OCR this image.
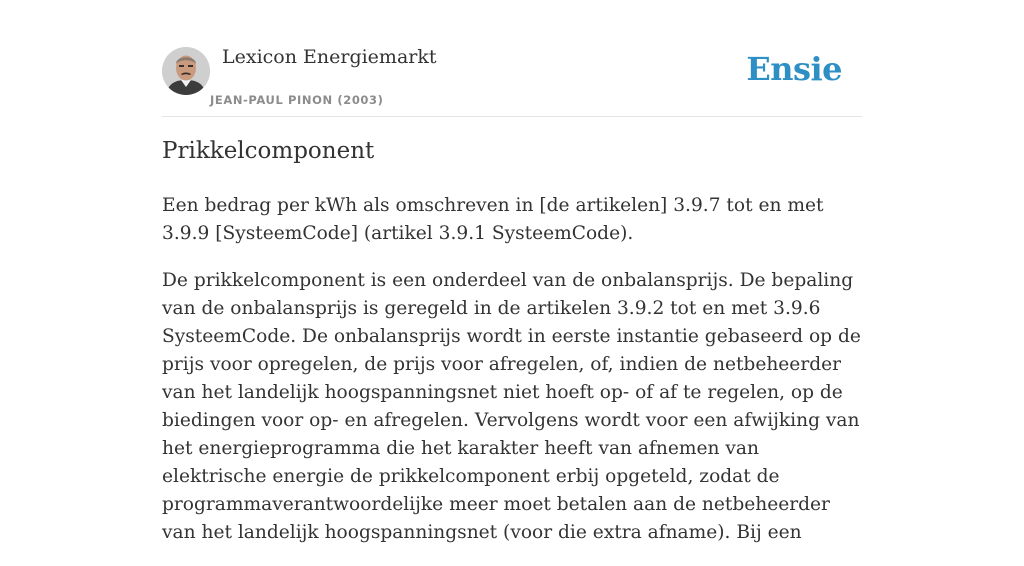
Lexicon Energiemarkt
JEAN-PAUL PINON (2003)
Ensie
Prikkelcomponent

Een bedrag per kWh als omschreven in [de artikelen] 3.9.7 tot en met 3.9.9 [SysteemCode] (artikel 3.9.1 SysteemCode).

De prikkelcomponent is een onderdeel van de onbalansprijs. De bepaling van de onbalansprijs is geregeld in de artikelen 3.9.2 tot en met 3.9.6 SysteemCode. De onbalansprijs wordt in eerste instantie gebaseerd op de prijs voor opregelen, de prijs voor afregelen, of, indien de netbeheerder van het landelijk hoogspanningsnet niet hoeft op- of af te regelen, op de biedingen voor op- en afregelen. Vervolgens wordt voor een afwijking van het energieprogramma die het karakter heeft van afnemen van elektrische energie de prikkelcomponent erbij opgeteld, zodat de programmaverantwoordelijke meer moet betalen aan de netbeheerder van het landelijk hoogspanningsnet (voor die extra afname). Bij een
